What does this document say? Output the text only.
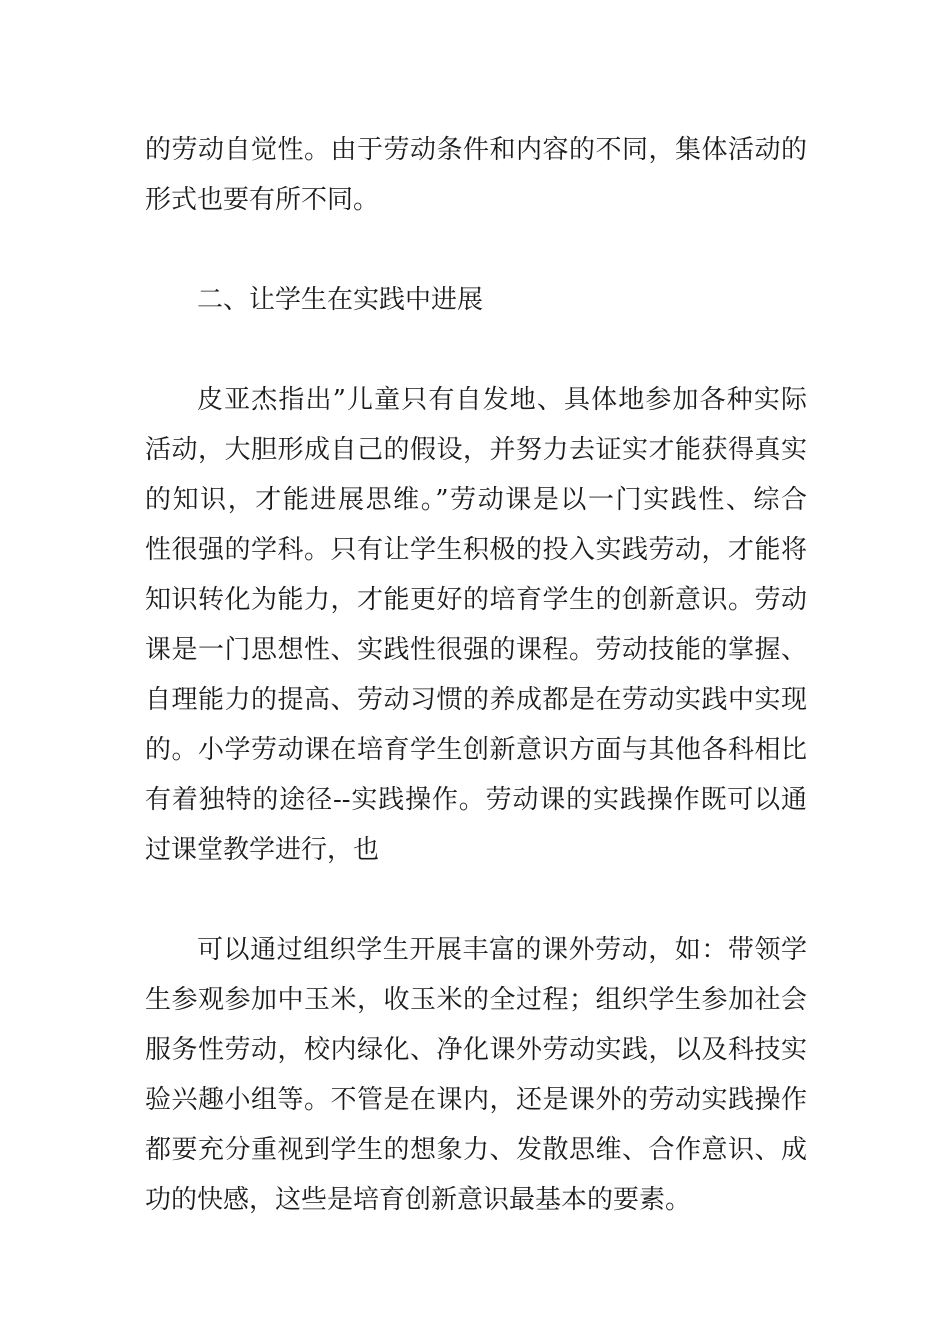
的劳动自觉性。由于劳动条件和内容的不同，集体活动的
形式也要有所不同。
二、让学生在实践中进展
皮亚杰指出”儿童只有自发地、具体地参加各种实际
活动，大胆形成自己的假设，并努力去证实才能获得真实
的知识，才能进展思维。”劳动课是以一门实践性、综合
性很强的学科。只有让学生积极的投入实践劳动，才能将
知识转化为能力，才能更好的培育学生的创新意识。劳动
课是一门思想性、实践性很强的课程。劳动技能的掌握、
自理能力的提高、劳动习惯的养成都是在劳动实践中实现
的。小学劳动课在培育学生创新意识方面与其他各科相比
有着独特的途径--实践操作。劳动课的实践操作既可以通
过课堂教学进行，也
可以通过组织学生开展丰富的课外劳动，如：带领学
生参观参加中玉米，收玉米的全过程；组织学生参加社会
服务性劳动，校内绿化、净化课外劳动实践，以及科技实
验兴趣小组等。不管是在课内，还是课外的劳动实践操作
都要充分重视到学生的想象力、发散思维、合作意识、成
功的快感，这些是培育创新意识最基本的要素。
